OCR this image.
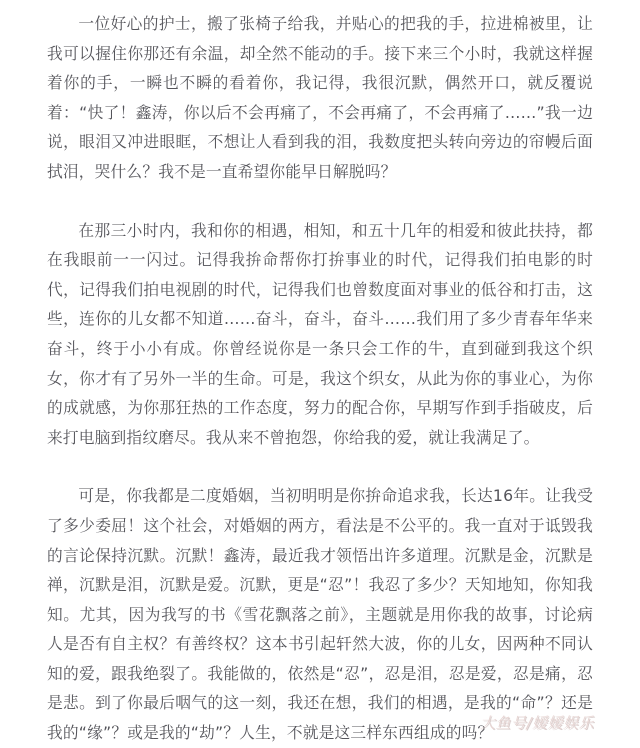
一位好心的护士，搬了张椅子给我，并贴心的把我的手，拉进棉被里，让我可以握住你那还有余温，却全然不能动的手。接下来三个小时，我就这样握着你的手，一瞬也不瞬的看着你，我记得，我很沉默，偶然开口，就反覆说着：“快了！鑫涛，你以后不会再痛了，不会再痛了，不会再痛了……”我一边说，眼泪又冲进眼眶，不想让人看到我的泪，我数度把头转向旁边的帘幔后面拭泪，哭什么？我不是一直希望你能早日解脱吗？

在那三小时内，我和你的相遇，相知，和五十几年的相爱和彼此扶持，都在我眼前一一闪过。记得我拚命帮你打拚事业的时代，记得我们拍电影的时代，记得我们拍电视剧的时代，记得我们也曾数度面对事业的低谷和打击，这些，连你的儿女都不知道……奋斗，奋斗，奋斗……我们用了多少青春年华来奋斗，终于小小有成。你曾经说你是一条只会工作的牛，直到碰到我这个织女，你才有了另外一半的生命。可是，我这个织女，从此为你的事业心，为你的成就感，为你那狂热的工作态度，努力的配合你，早期写作到手指破皮，后来打电脑到指纹磨尽。我从来不曾抱怨，你给我的爱，就让我满足了。

可是，你我都是二度婚姻，当初明明是你拚命追求我，长达16年。让我受了多少委屈！这个社会，对婚姻的两方，看法是不公平的。我一直对于诋毁我的言论保持沉默。沉默！鑫涛，最近我才领悟出许多道理。沉默是金，沉默是禅，沉默是泪，沉默是爱。沉默，更是“忍”！我忍了多少？天知地知，你知我知。尤其，因为我写的书《雪花飘落之前》，主题就是用你我的故事，讨论病人是否有自主权？有善终权？这本书引起轩然大波，你的儿女，因两种不同认知的爱，跟我绝裂了。我能做的，依然是“忍”，忍是泪，忍是爱，忍是痛，忍是悲。到了你最后咽气的这一刻，我还在想，我们的相遇，是我的“命”？还是我的“缘”？或是我的“劫”？人生，不就是这三样东西组成的吗？

大鱼号/嫒嫒娱乐
